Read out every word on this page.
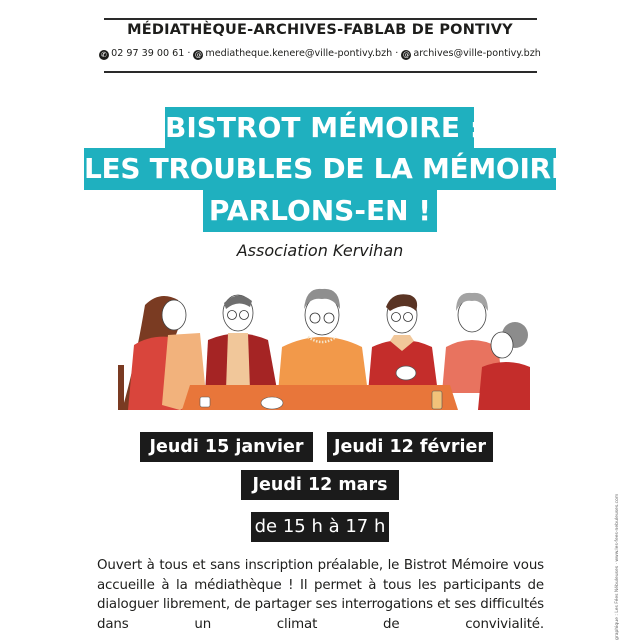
MÉDIATHÈQUE-ARCHIVES-FABLAB DE PONTIVY
✆ 02 97 39 00 61 · @ mediatheque.kenere@ville-pontivy.bzh · @ archives@ville-pontivy.bzh
BISTROT MÉMOIRE :
LES TROUBLES DE LA MÉMOIRE,
PARLONS-EN !
Association Kervihan
Jeudi 15 janvier	Jeudi 12 février
Jeudi 12 mars
de 15 h à 17 h
Ouvert à tous et sans inscription préalable, le Bistrot Mémoire vous accueille à la médiathèque ! Il permet à tous les participants de dialoguer librement, de partager ses interrogations et ses difficultés dans un climat de convivialité.	graphique : Les Fées Nébuleuses · www.les-fees-nebuleuses.com
